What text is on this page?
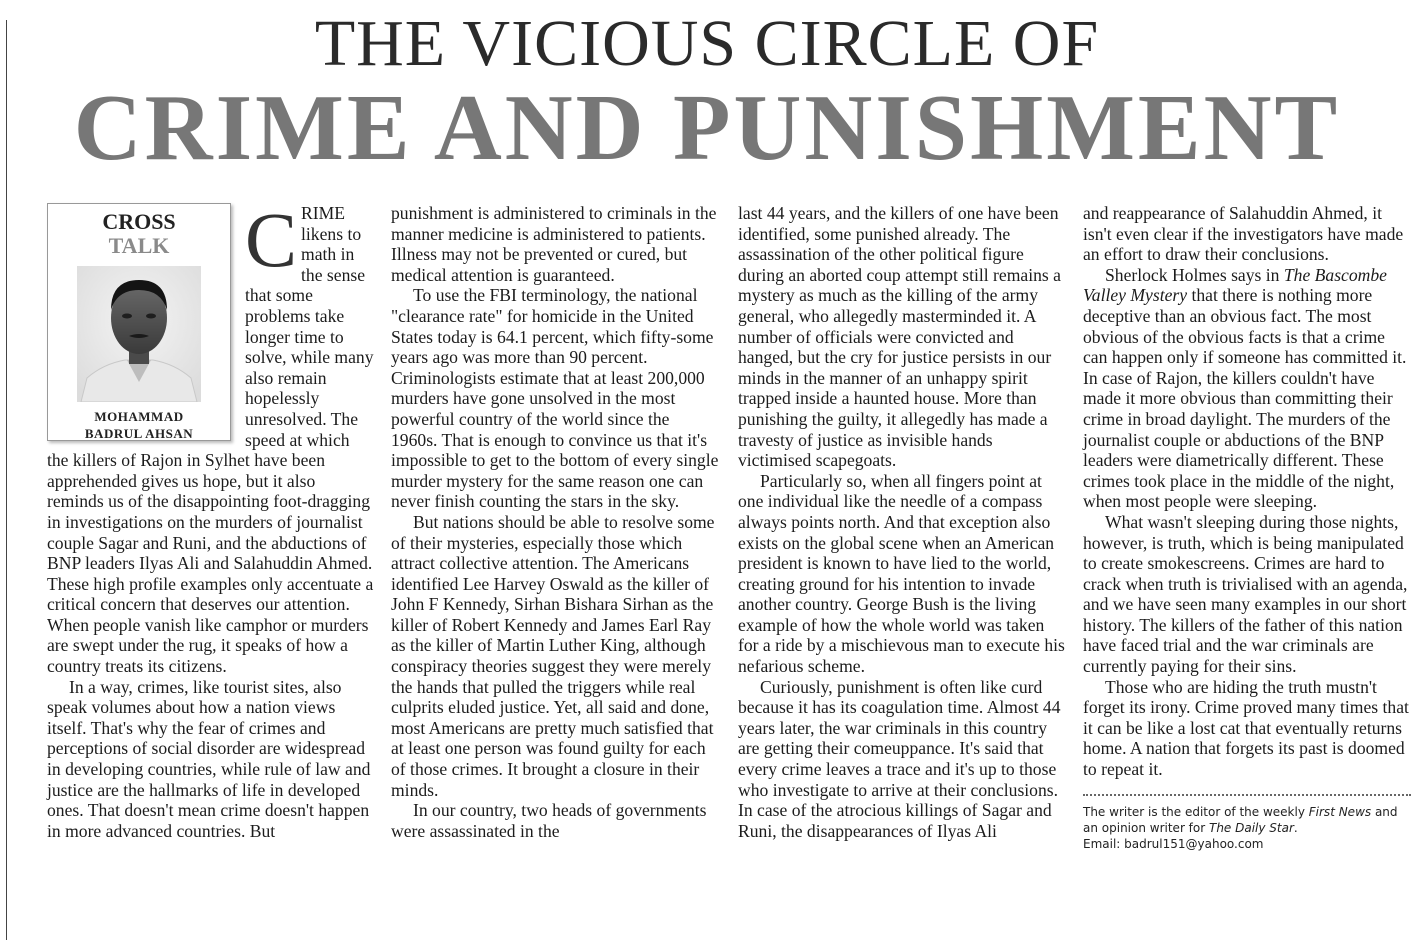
THE VICIOUS CIRCLE OF
CRIME AND PUNISHMENT
CROSS
TALK
MOHAMMAD
BADRUL AHSAN
C RIME likens to math in the sense that some problems take longer time to solve, while many also remain hopelessly unresolved. The speed at which the killers of Rajon in Sylhet have been apprehended gives us hope, but it also reminds us of the disappointing foot-dragging in investigations on the murders of journalist couple Sagar and Runi, and the abductions of BNP leaders Ilyas Ali and Salahuddin Ahmed. These high profile examples only accentuate a critical concern that deserves our attention. When people vanish like camphor or murders are swept under the rug, it speaks of how a country treats its citizens.

In a way, crimes, like tourist sites, also speak volumes about how a nation views itself. That's why the fear of crimes and perceptions of social disorder are widespread in developing countries, while rule of law and justice are the hallmarks of life in developed ones. That doesn't mean crime doesn't happen in more advanced countries. But

punishment is administered to criminals in the manner medicine is administered to patients. Illness may not be prevented or cured, but medical attention is guaranteed.

To use the FBI terminology, the national "clearance rate" for homicide in the United States today is 64.1 percent, which fifty-some years ago was more than 90 percent. Criminologists estimate that at least 200,000 murders have gone unsolved in the most powerful country of the world since the 1960s. That is enough to convince us that it's impossible to get to the bottom of every single murder mystery for the same reason one can never finish counting the stars in the sky.

But nations should be able to resolve some of their mysteries, especially those which attract collective attention. The Americans identified Lee Harvey Oswald as the killer of John F Kennedy, Sirhan Bishara Sirhan as the killer of Robert Kennedy and James Earl Ray as the killer of Martin Luther King, although conspiracy theories suggest they were merely the hands that pulled the triggers while real culprits eluded justice. Yet, all said and done, most Americans are pretty much satisfied that at least one person was found guilty for each of those crimes. It brought a closure in their minds.

In our country, two heads of governments were assassinated in the

last 44 years, and the killers of one have been identified, some punished already. The assassination of the other political figure during an aborted coup attempt still remains a mystery as much as the killing of the army general, who allegedly masterminded it. A number of officials were convicted and hanged, but the cry for justice persists in our minds in the manner of an unhappy spirit trapped inside a haunted house. More than punishing the guilty, it allegedly has made a travesty of justice as invisible hands victimised scapegoats.

Particularly so, when all fingers point at one individual like the needle of a compass always points north. And that exception also exists on the global scene when an American president is known to have lied to the world, creating ground for his intention to invade another country. George Bush is the living example of how the whole world was taken for a ride by a mischievous man to execute his nefarious scheme.

Curiously, punishment is often like curd because it has its coagulation time. Almost 44 years later, the war criminals in this country are getting their comeuppance. It's said that every crime leaves a trace and it's up to those who investigate to arrive at their conclusions. In case of the atrocious killings of Sagar and Runi, the disappearances of Ilyas Ali

and reappearance of Salahuddin Ahmed, it isn't even clear if the investigators have made an effort to draw their conclusions.

Sherlock Holmes says in The Bascombe Valley Mystery that there is nothing more deceptive than an obvious fact. The most obvious of the obvious facts is that a crime can happen only if someone has committed it. In case of Rajon, the killers couldn't have made it more obvious than committing their crime in broad daylight. The murders of the journalist couple or abductions of the BNP leaders were diametrically different. These crimes took place in the middle of the night, when most people were sleeping.

What wasn't sleeping during those nights, however, is truth, which is being manipulated to create smokescreens. Crimes are hard to crack when truth is trivialised with an agenda, and we have seen many examples in our short history. The killers of the father of this nation have faced trial and the war criminals are currently paying for their sins.

Those who are hiding the truth mustn't forget its irony. Crime proved many times that it can be like a lost cat that eventually returns home. A nation that forgets its past is doomed to repeat it.

The writer is the editor of the weekly First News and an opinion writer for The Daily Star.
Email: badrul151@yahoo.com
